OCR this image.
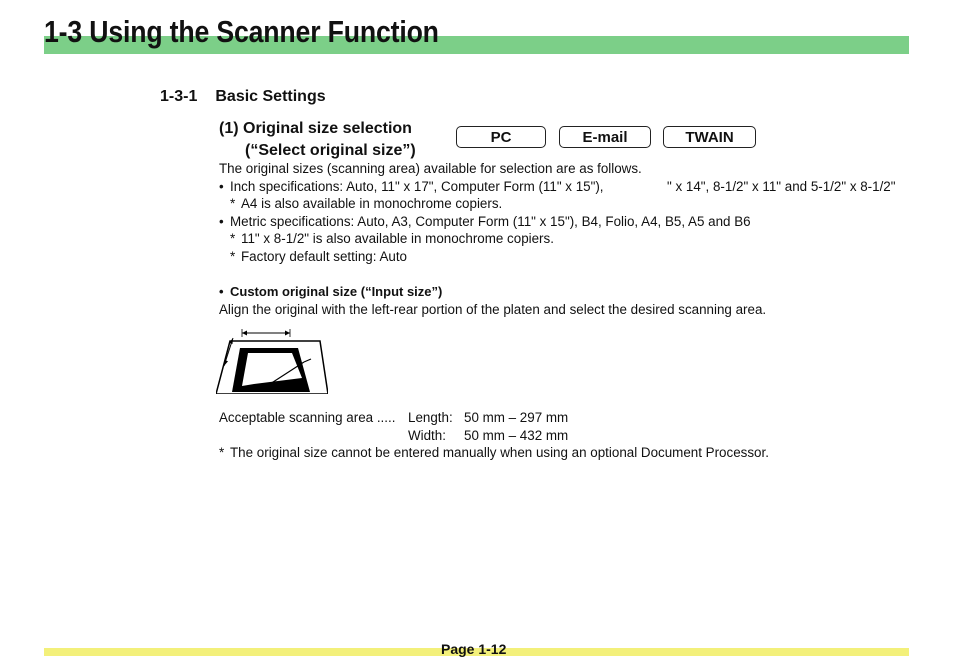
1-3 Using the Scanner Function
1-3-1 Basic Settings
(1) Original size selection
(“Select original size”)
PC	E-mail	TWAIN
The original sizes (scanning area) available for selection are as follows.
• Inch specifications: Auto, 11" x 17", Computer Form (11" x 15"),	" x 14", 8-1/2" x 11" and 5-1/2" x 8-1/2"
* A4 is also available in monochrome copiers.
• Metric specifications: Auto, A3, Computer Form (11" x 15"), B4, Folio, A4, B5, A5 and B6
* 11" x 8-1/2" is also available in monochrome copiers.
* Factory default setting: Auto
• Custom original size (“Input size”)
Align the original with the left-rear portion of the platen and select the desired scanning area.
Acceptable scanning area ..... Length: 50 mm – 297 mm
Width: 50 mm – 432 mm
* The original size cannot be entered manually when using an optional Document Processor.
Page 1-12
